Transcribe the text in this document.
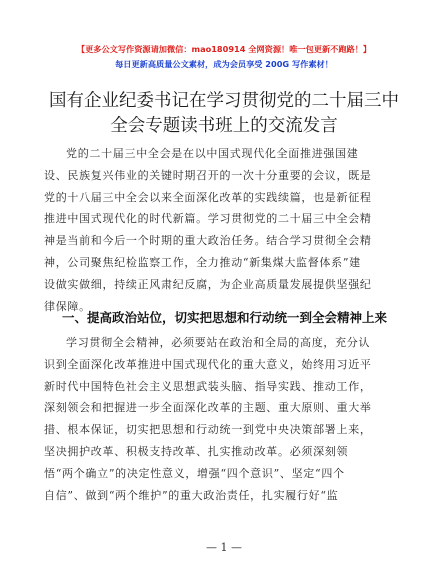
【更多公文写作资源请加微信：mao180914 全网资源！唯一包更新不跑路！】
每日更新高质量公文素材，成为会员享受 200G 写作素材！
国有企业纪委书记在学习贯彻党的二十届三中
全会专题读书班上的交流发言
党的二十届三中全会是在以中国式现代化全面推进强国建
设、民族复兴伟业的关键时期召开的一次十分重要的会议，既是
党的十八届三中全会以来全面深化改革的实践续篇，也是新征程
推进中国式现代化的时代新篇。学习贯彻党的二十届三中全会精
神是当前和今后一个时期的重大政治任务。结合学习贯彻全会精
神，公司聚焦纪检监察工作，全力推动“新集煤大监督体系”建
设做实做细，持续正风肃纪反腐，为企业高质量发展提供坚强纪
律保障。
一、提高政治站位，切实把思想和行动统一到全会精神上来
学习贯彻全会精神，必须要站在政治和全局的高度，充分认
识到全面深化改革推进中国式现代化的重大意义，始终用习近平
新时代中国特色社会主义思想武装头脑、指导实践、推动工作，
深刻领会和把握进一步全面深化改革的主题、重大原则、重大举
措、根本保证，切实把思想和行动统一到党中央决策部署上来，
坚决拥护改革、积极支持改革、扎实推动改革。必须深刻领
悟“两个确立”的决定性意义，增强“四个意识”、坚定“四个
自信”、做到“两个维护”的重大政治责任，扎实履行好“监
— 1 —
